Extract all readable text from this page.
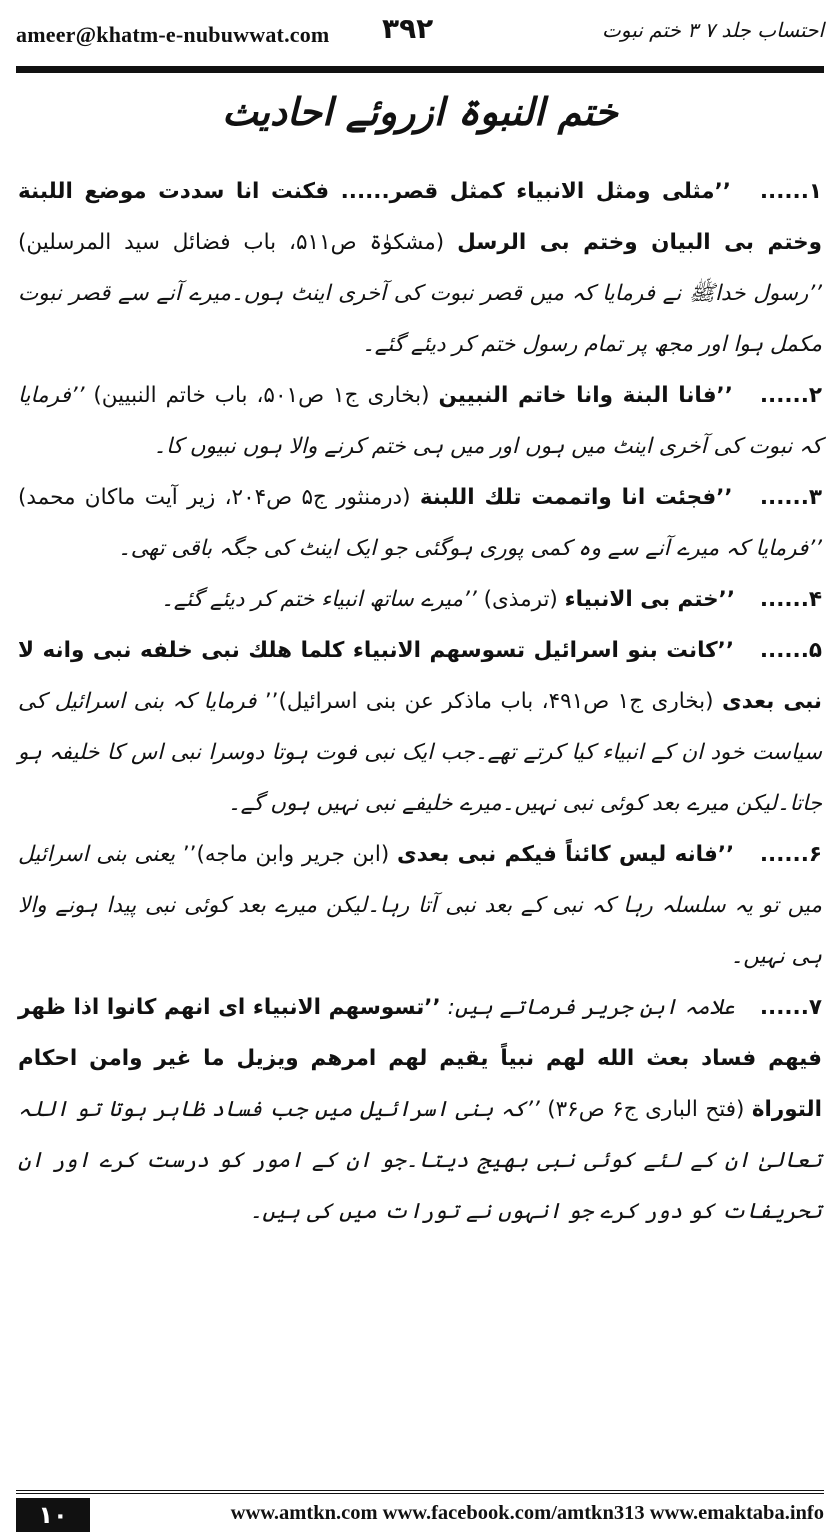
ameer@khatm-e-nubuwwat.com ۳۹۲	احتساب جلد ۷ ۳ ختم نبوت
ختم النبوۃ ازروئے احادیث

۱...... ’’مثلی ومثل الانبیاء کمثل قصر...... فکنت انا سددت موضع اللبنة وختم بی البیان وختم بی الرسل (مشکوٰۃ ص۵۱۱، باب فضائل سید المرسلین) ’’رسول خداﷺ نے فرمایا کہ میں قصر نبوت کی آخری اینٹ ہوں۔میرے آنے سے قصر نبوت مکمل ہوا اور مجھ پر تمام رسول ختم کر دیئے گئے۔

۲...... ’’فانا البنة وانا خاتم النبیین (بخاری ج۱ ص۵۰۱، باب خاتم النبیین) ’’فرمایا کہ نبوت کی آخری اینٹ میں ہوں اور میں ہی ختم کرنے والا ہوں نبیوں کا۔

۳...... ’’فجئت انا واتممت تلك اللبنة (درمنثور ج۵ ص۲۰۴، زیر آیت ماکان محمد) ’’فرمایا کہ میرے آنے سے وہ کمی پوری ہوگئی جو ایک اینٹ کی جگہ باقی تھی۔

۴...... ’’ختم بی الانبیاء (ترمذی) ’’میرے ساتھ انبیاء ختم کر دیئے گئے۔

۵...... ’’کانت بنو اسرائیل تسوسهم الانبیاء کلما هلك نبی خلفه نبی وانه لا نبی بعدی (بخاری ج۱ ص۴۹۱، باب ماذکر عن بنی اسرائیل)’’ فرمایا کہ بنی اسرائیل کی سیاست خود ان کے انبیاء کیا کرتے تھے۔جب ایک نبی فوت ہوتا دوسرا نبی اس کا خلیفہ ہو جاتا۔لیکن میرے بعد کوئی نبی نہیں۔میرے خلیفے نبی نہیں ہوں گے۔

۶...... ’’فانه لیس کائناً فیکم نبی بعدی (ابن جریر وابن ماجه)’’ یعنی بنی اسرائیل میں تو یہ سلسلہ رہا کہ نبی کے بعد نبی آتا رہا۔لیکن میرے بعد کوئی نبی پیدا ہونے والا ہی نہیں۔

۷...... علامہ ابن جریر فرماتے ہیں: ’’تسوسهم الانبیاء ای انهم کانوا اذا ظهر فیهم فساد بعث الله لهم نبیاً یقیم لهم امرهم ویزیل ما غیر وامن احکام التوراة (فتح الباری ج۶ ص۳۶) ’’کہ بنی اسرائیل میں جب فساد ظاہر ہوتا تو اللہ تعالیٰ ان کے لئے کوئی نبی بھیج دیتا۔جو ان کے امور کو درست کرے اور ان تحریفات کو دور کرے جو انہوں نے تورات میں کی ہیں۔

۱۰	www.amtkn.com www.facebook.com/amtkn313 www.emaktaba.info
